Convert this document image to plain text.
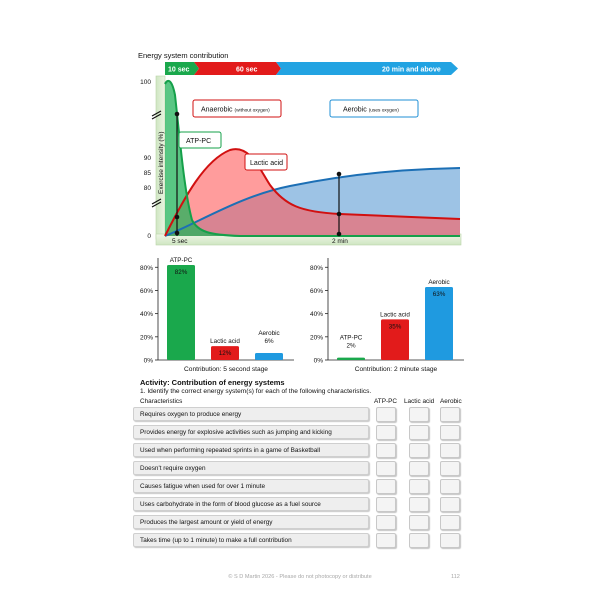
Energy system contribution
10 sec	60 sec	20 min and above
Anaerobic (without oxygen)	Aerobic (uses oxygen)
ATP-PC
Lactic acid
Exercise intensity (%)
100
90
85
80
0
5 sec	2 min
80%
60%
40%
20%
0%
ATP-PC
82%
Lactic acid
12%
Aerobic
6%
Contribution: 5 second stage
80%
60%
40%
20%
0%
ATP-PC
2%
Lactic acid
35%
Aerobic
63%
Contribution: 2 minute stage
Activity: Contribution of energy systems
1. Identify the correct energy system(s) for each of the following characteristics.
Characteristics	ATP-PC Lactic acid Aerobic
Requires oxygen to produce energy
Provides energy for explosive activities such as jumping and kicking
Used when performing repeated sprints in a game of Basketball
Doesn't require oxygen
Causes fatigue when used for over 1 minute
Uses carbohydrate in the form of blood glucose as a fuel source
Produces the largest amount or yield of energy
Takes time (up to 1 minute) to make a full contribution
© S D Martin 2026 - Please do not photocopy or distribute	112
